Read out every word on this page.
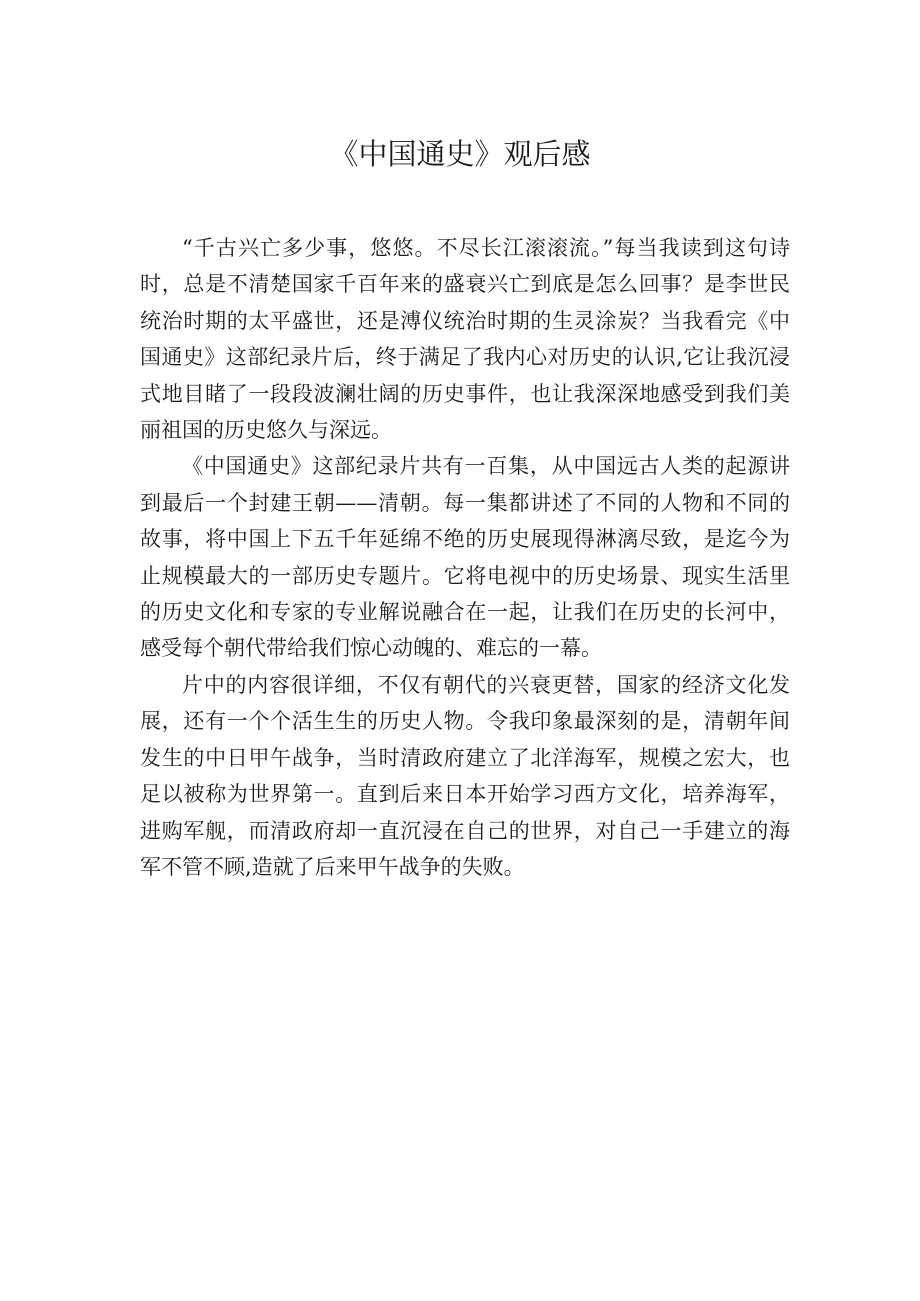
《中国通史》观后感

“千古兴亡多少事，悠悠。不尽长江滚滚流。”每当我读到这句诗时，总是不清楚国家千百年来的盛衰兴亡到底是怎么回事？是李世民统治时期的太平盛世，还是溥仪统治时期的生灵涂炭？当我看完《中国通史》这部纪录片后，终于满足了我内心对历史的认识,它让我沉浸式地目睹了一段段波澜壮阔的历史事件，也让我深深地感受到我们美丽祖国的历史悠久与深远。

《中国通史》这部纪录片共有一百集，从中国远古人类的起源讲到最后一个封建王朝——清朝。每一集都讲述了不同的人物和不同的故事，将中国上下五千年延绵不绝的历史展现得淋漓尽致，是迄今为止规模最大的一部历史专题片。它将电视中的历史场景、现实生活里的历史文化和专家的专业解说融合在一起，让我们在历史的长河中，感受每个朝代带给我们惊心动魄的、难忘的一幕。

片中的内容很详细，不仅有朝代的兴衰更替，国家的经济文化发展，还有一个个活生生的历史人物。令我印象最深刻的是，清朝年间发生的中日甲午战争，当时清政府建立了北洋海军，规模之宏大，也足以被称为世界第一。直到后来日本开始学习西方文化，培养海军，进购军舰，而清政府却一直沉浸在自己的世界，对自己一手建立的海军不管不顾,造就了后来甲午战争的失败。
